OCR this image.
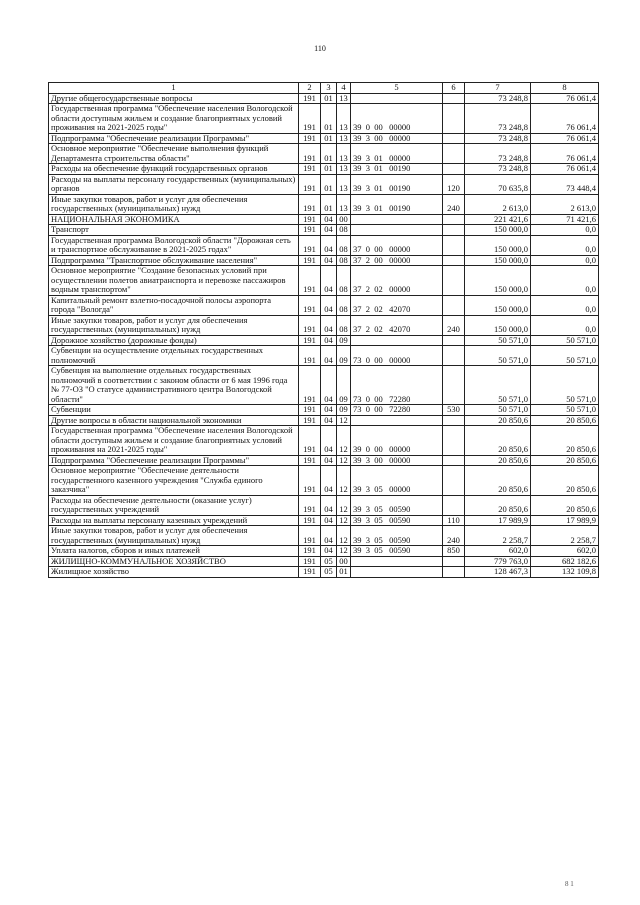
110
1	2	3	4	5	6	7	8
Другие общегосударственные вопросы	191	01	13			73 248,8	76 061,4
Государственная программа "Обеспечение населения Вологодской области доступным жильем и создание благоприятных условий проживания на 2021-2025 годы"	191	01	13	39  0  00   00000		73 248,8	76 061,4
Подпрограмма "Обеспечение реализации Программы"	191	01	13	39  3  00   00000		73 248,8	76 061,4
Основное мероприятие "Обеспечение выполнения функций Департамента строительства области"	191	01	13	39  3  01   00000		73 248,8	76 061,4
Расходы на обеспечение функций государственных органов	191	01	13	39  3  01   00190		73 248,8	76 061,4
Расходы на выплаты персоналу государственных (муниципальных) органов	191	01	13	39  3  01   00190	120	70 635,8	73 448,4
Иные закупки товаров, работ и услуг для обеспечения государственных (муниципальных) нужд	191	01	13	39  3  01   00190	240	2 613,0	2 613,0
НАЦИОНАЛЬНАЯ ЭКОНОМИКА	191	04	00			221 421,6	71 421,6
Транспорт	191	04	08			150 000,0	0,0
Государственная программа Вологодской области "Дорожная сеть и транспортное обслуживание в 2021-2025 годах"	191	04	08	37  0  00   00000		150 000,0	0,0
Подпрограмма "Транспортное обслуживание населения"	191	04	08	37  2  00   00000		150 000,0	0,0
Основное мероприятие "Создание безопасных условий при осуществлении полетов авиатранспорта и перевозке пассажиров водным транспортом"	191	04	08	37  2  02   00000		150 000,0	0,0
Капитальный ремонт взлетно-посадочной полосы аэропорта города "Вологда"	191	04	08	37  2  02   42070		150 000,0	0,0
Иные закупки товаров, работ и услуг для обеспечения государственных (муниципальных) нужд	191	04	08	37  2  02   42070	240	150 000,0	0,0
Дорожное хозяйство (дорожные фонды)	191	04	09			50 571,0	50 571,0
Субвенции на осуществление отдельных государственных полномочий	191	04	09	73  0  00   00000		50 571,0	50 571,0
Субвенция на выполнение отдельных государственных полномочий в соответствии с законом области от 6 мая 1996 года № 77-ОЗ "О статусе административного центра Вологодской области"	191	04	09	73  0  00   72280		50 571,0	50 571,0
Субвенции	191	04	09	73  0  00   72280	530	50 571,0	50 571,0
Другие вопросы в области национальной экономики	191	04	12			20 850,6	20 850,6
Государственная программа "Обеспечение населения Вологодской области доступным жильем и создание благоприятных условий проживания на 2021-2025 годы"	191	04	12	39  0  00   00000		20 850,6	20 850,6
Подпрограмма "Обеспечение реализации Программы"	191	04	12	39  3  00   00000		20 850,6	20 850,6
Основное мероприятие "Обеспечение деятельности государственного казенного учреждения "Служба единого заказчика"	191	04	12	39  3  05   00000		20 850,6	20 850,6
Расходы на обеспечение деятельности (оказание услуг) государственных учреждений	191	04	12	39  3  05   00590		20 850,6	20 850,6
Расходы на выплаты персоналу казенных учреждений	191	04	12	39  3  05   00590	110	17 989,9	17 989,9
Иные закупки товаров, работ и услуг для обеспечения государственных (муниципальных) нужд	191	04	12	39  3  05   00590	240	2 258,7	2 258,7
Уплата налогов, сборов и иных платежей	191	04	12	39  3  05   00590	850	602,0	602,0
ЖИЛИЩНО-КОММУНАЛЬНОЕ ХОЗЯЙСТВО	191	05	00			779 763,0	682 182,6
Жилищное хозяйство	191	05	01			128 467,3	132 109,8
8 1
